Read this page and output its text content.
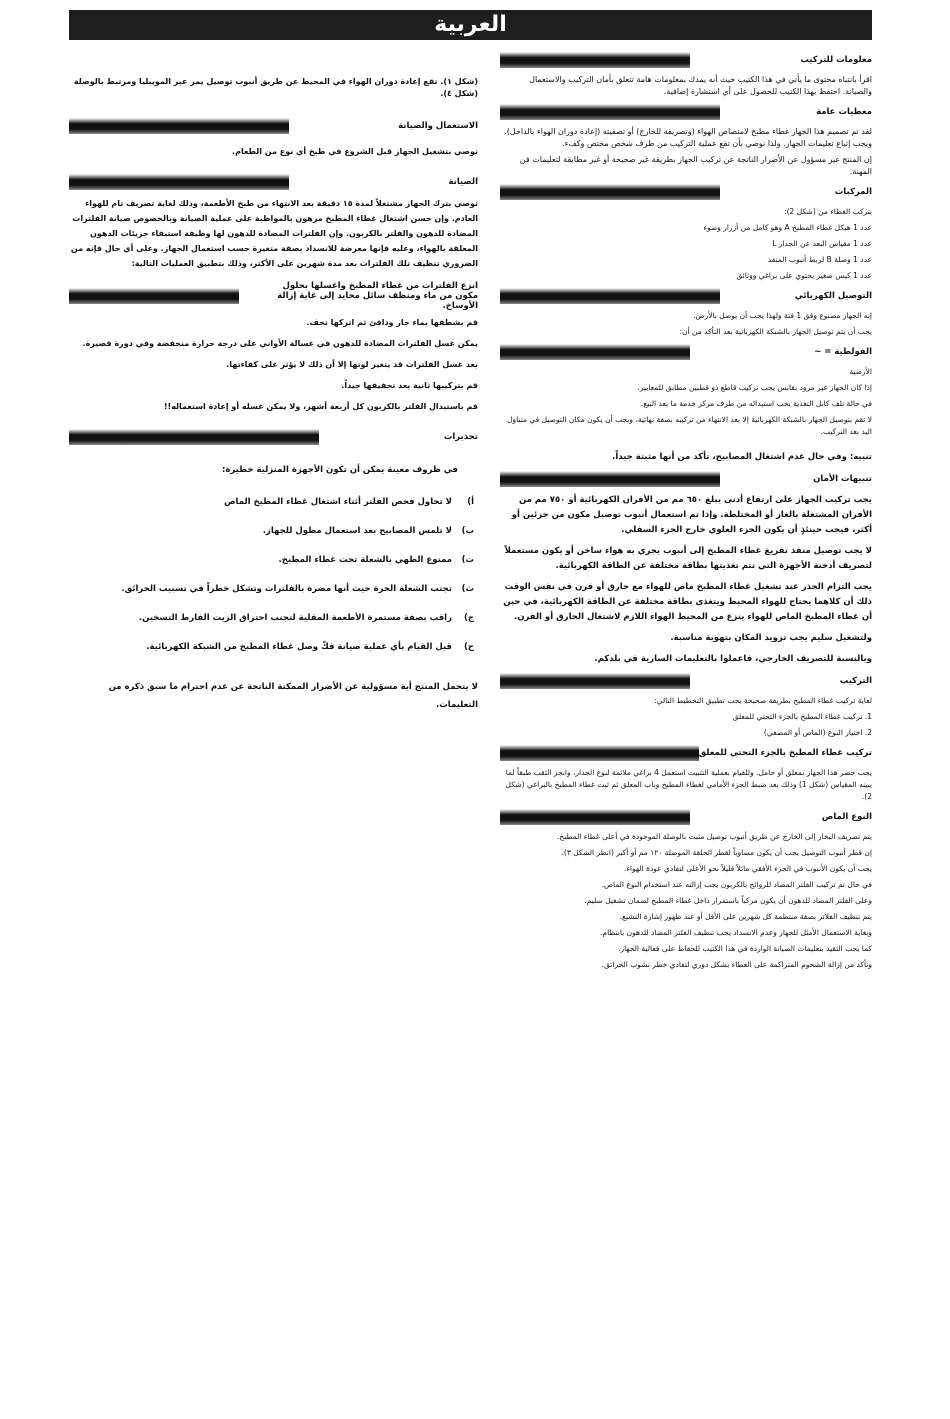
العربية
معلومات للتركيب

اقرأ بانتباه محتوى ما يأتي في هذا الكتيب حيث أنه يمدك بمعلومات هامة تتعلق بأمان التركيب والاستعمال والصيانة. احتفظ بهذا الكتيب للحصول على أي استشارة إضافية.

معطيات عامة

لقد تم تصميم هذا الجهاز غطاء مطبخ لامتصاص الهواء (وتصريفه للخارج) أو تصفيته (إعادة دوران الهواء بالداخل). ويجب إتباع تعليمات الجهاز. ولذا نوصي بأن تقع عملية التركيب من طرف شخص مختص وكفء.

إن المنتج غير مسؤول عن الأضرار الناتجة عن تركيب الجهاز بطريقة غير صحيحة أو غير مطابقة لتعليمات فن المهنة.

المركبات

يتركب الغطاء من (شكل 2):

عدد 1 هيكل غطاء المطبخ A وهو كامل من أزرار وضوء

عدد 1 مقياس البعد عن الجدار L

عدد 1 وصلة B لربط أنبوب المنفذ

عدد 1 كيس صغير يحتوي على براغي ووثائق

التوصيل الكهربائي

إنه الجهاز مصنوع وفق 1 فئة ولهذا يجب أن يوصل بالأرض.

يجب أن يتم توصيل الجهاز بالشبكة الكهربائية بعد التأكد من أن:

الفولطية = ~

الأرضية

إذا كان الجهاز غير مزود بقابس يجب تركيب قاطع ذو قطبين مطابق للمعايير.

في حالة تلف كابل التغذية يجب استبداله من طرف مركز خدمة ما بعد البيع.

لا تقم بتوصيل الجهاز بالشبكة الكهربائية إلا بعد الانتهاء من تركيبه بصفة نهائية، ويجب أن يكون مكان التوصيل في متناول اليد بعد التركيب.

تنبيه: وفي حال عدم اشتغال المصابيح، تأكد من أنها مثبتة جيداً.

تنبيهات الأمان

يجب تركيب الجهاز على ارتفاع أدنى يبلغ ٦٥٠ مم من الأفران الكهربائية أو ٧٥٠ مم من الأفران المشتغلة بالغاز أو المختلطة. وإذا تم استعمال أنبوب توصيل مكون من جزئين أو أكثر، فيجب حينئذٍ أن يكون الجزء العلوي خارج الجزء السفلي.

لا يجب توصيل منفذ تفريغ غطاء المطبخ إلى أنبوب يجري به هواء ساخن أو يكون مستعملاً لتصريف أدخنة الأجهزة التي تتم تغذيتها بطاقة مختلفة عن الطاقة الكهربائية.

يجب التزام الحذر عند تشغيل غطاء المطبخ ماص للهواء مع حارق أو فرن في نفس الوقت ذلك أن كلاهما يحتاج للهواء المحيط ويتغذى بطاقة مختلفة عن الطاقة الكهربائية، في حين أن غطاء المطبخ الماص للهواء ينزع من المحيط الهواء اللازم لاشتغال الحارق أو الفرن.

ولتشغيل سليم يجب تزويد المكان بتهوية مناسبة.

وبالنسبة للتصريف الخارجي، فاعملوا بالتعليمات السارية في بلدكم.

التركيب

لغاية تركيب غطاء المطبخ بطريقة صحيحة يجب تطبيق التخطيط التالي:

1. تركيب غطاء المطبخ بالجزء التحتي للمعلق

2. اختيار النوع (الماص أو المصفي)

تركيب غطاء المطبخ بالجزء التحتي للمعلق

يجب حصر هذا الجهاز بمعلق أو حامل. وللقيام بعملية التثبيت استعمل 4 براغي ملائمة لنوع الجدار، وانجز الثقب طبقاً لما يبينه المقياس (شكل 1) وذلك بعد ضبط الجزء الأمامي لغطاء المطبخ وباب المعلق ثم ثبت غطاء المطبخ بالبراغي (شكل 2).

النوع الماص

يتم تصريف البخار إلى الخارج عن طريق أنبوب توصيل مثبت بالوصلة الموجودة في أعلى غطاء المطبخ.

إن قطر أنبوب التوصيل يجب أن يكون مساوياً لقطر الحلقة الموصلة ١٢٠ مم أو أكبر (انظر الشكل ٣).

يجب أن يكون الأنبوب في الجزء الأفقي مائلاً قليلاً نحو الأعلى لتفادي عودة الهواء.

في حال تم تركيب الفلتر المضاد للروائح بالكربون يجب إزالته عند استخدام النوع الماص.

وعلى الفلتر المضاد للدهون أن يكون مركباً باستمرار داخل غطاء المطبخ لضمان تشغيل سليم.

يتم تنظيف الفلاتر بصفة منتظمة كل شهرين على الأقل أو عند ظهور إشارة التشبع.

وبغاية الاستعمال الأمثل للجهاز وعدم الانسداد يجب تنظيف الفلتر المضاد للدهون بانتظام.

كما يجب التقيد بتعليمات الصيانة الواردة في هذا الكتيب للحفاظ على فعالية الجهاز.

وتأكد من إزالة الشحوم المتراكمة على الغطاء بشكل دوري لتفادي خطر نشوب الحرائق.

(شكل ١). تقع إعادة دوران الهواء في المحيط عن طريق أنبوب توصيل يمر عبر المويبليا ومرتبط بالوصلة (شكل ٤).

الاستعمال والصيانة

نوصي بتشغيل الجهاز قبل الشروع في طبخ أي نوع من الطعام.

الصيانة

نوصي بترك الجهاز مشتغلاً لمدة ١٥ دقيقة بعد الانتهاء من طبخ الأطعمة، وذلك لغاية تصريف تام للهواء العادم. وإن حسن اشتغال غطاء المطبخ مرهون بالمواظبة على عملية الصيانة وبالخصوص صيانة الفلترات المضادة للدهون والفلتر بالكربون. وإن الفلترات المضادة للدهون لها وظيفة استيفاء جزيئات الدهون المعلقة بالهواء، وعليه فإنها معرضة للانسداد بصفة متغيرة حسب استعمال الجهاز. وعلى أي حال فإنه من الضروري تنظيف تلك الفلترات بعد مدة شهرين على الأكثر، وذلك بتطبيق العمليات التالية:

انزع الفلترات من غطاء المطبخ واغسلها بحلول مكون من ماء ومنظف سائل محايد إلى غاية إزالة الأوساخ.

قم بشطفها بماء جار ودافئ ثم اتركها تجف.

يمكن غسل الفلترات المضادة للدهون في غسالة الأواني على درجة حرارة منخفضة وفي دورة قصيرة.

بعد غسل الفلترات قد يتغير لونها إلا أن ذلك لا يؤثر على كفاءتها.

قم بتركيبها ثانية بعد تجفيفها جيداً.

قم باستبدال الفلتر بالكربون كل أربعة أشهر، ولا يمكن غسله أو إعادة استعماله!!

تحذيرات

في ظروف معينة يمكن أن تكون الأجهزة المنزلية خطيرة:

أ)
لا تحاول فحص الفلتر أثناء اشتغال غطاء المطبخ الماص
ب)
لا تلمس المصابيح بعد استعمال مطول للجهاز.
ت)
ممنوع الطهي بالشعلة تحت غطاء المطبخ.
ث)
تجنب الشعلة الحرة حيث أنها مضرة بالفلترات وتشكل خطراً في تسبيب الحرائق.
ج)
راقب بصفة مستمرة الأطعمة المقلية لتجنب احتراق الزيت الفارط التسخين.
ح)
قبل القيام بأي عملية صيانة فكّ وصل غطاء المطبخ من الشبكة الكهربائية.

لا يتحمل المنتج أية مسؤولية عن الأضرار الممكنة الناتجة عن عدم احترام ما سبق ذكره من التعليمات.
